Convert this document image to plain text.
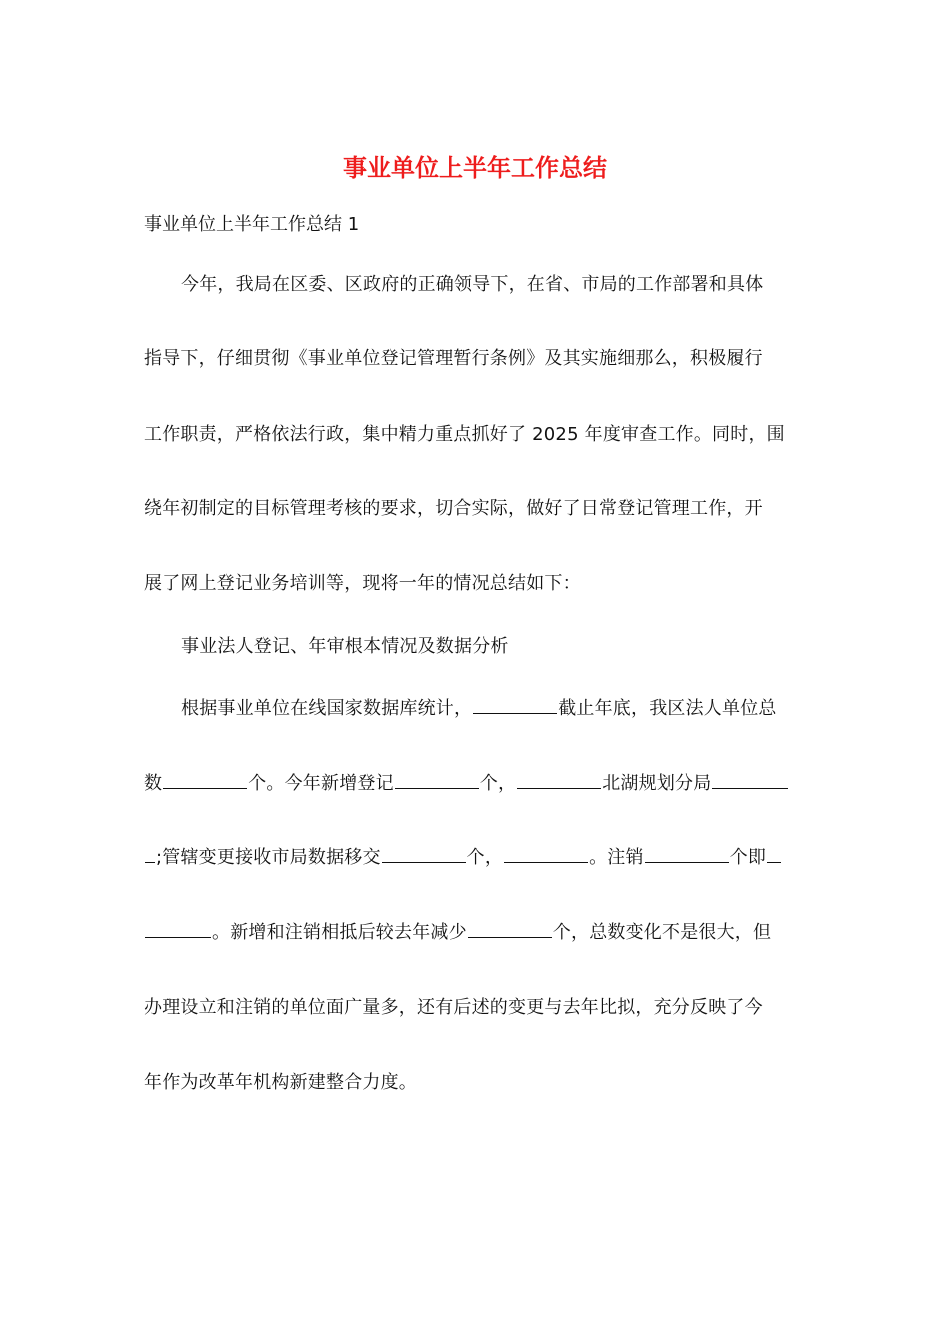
事业单位上半年工作总结
事业单位上半年工作总结 1
今年，我局在区委、区政府的正确领导下，在省、市局的工作部署和具体
指导下，仔细贯彻《事业单位登记管理暂行条例》及其实施细那么，积极履行
工作职责，严格依法行政，集中精力重点抓好了 2025 年度审查工作。同时，围
绕年初制定的目标管理考核的要求，切合实际，做好了日常登记管理工作，开
展了网上登记业务培训等，现将一年的情况总结如下：
事业法人登记、年审根本情况及数据分析
根据事业单位在线国家数据库统计，	截止年底，我区法人单位总
数	个。今年新增登记	个，	北湖规划分局
;管辖变更接收市局数据移交	个，	。注销	个即
。新增和注销相抵后较去年减少	个，总数变化不是很大，但
办理设立和注销的单位面广量多，还有后述的变更与去年比拟，充分反映了今
年作为改革年机构新建整合力度。
